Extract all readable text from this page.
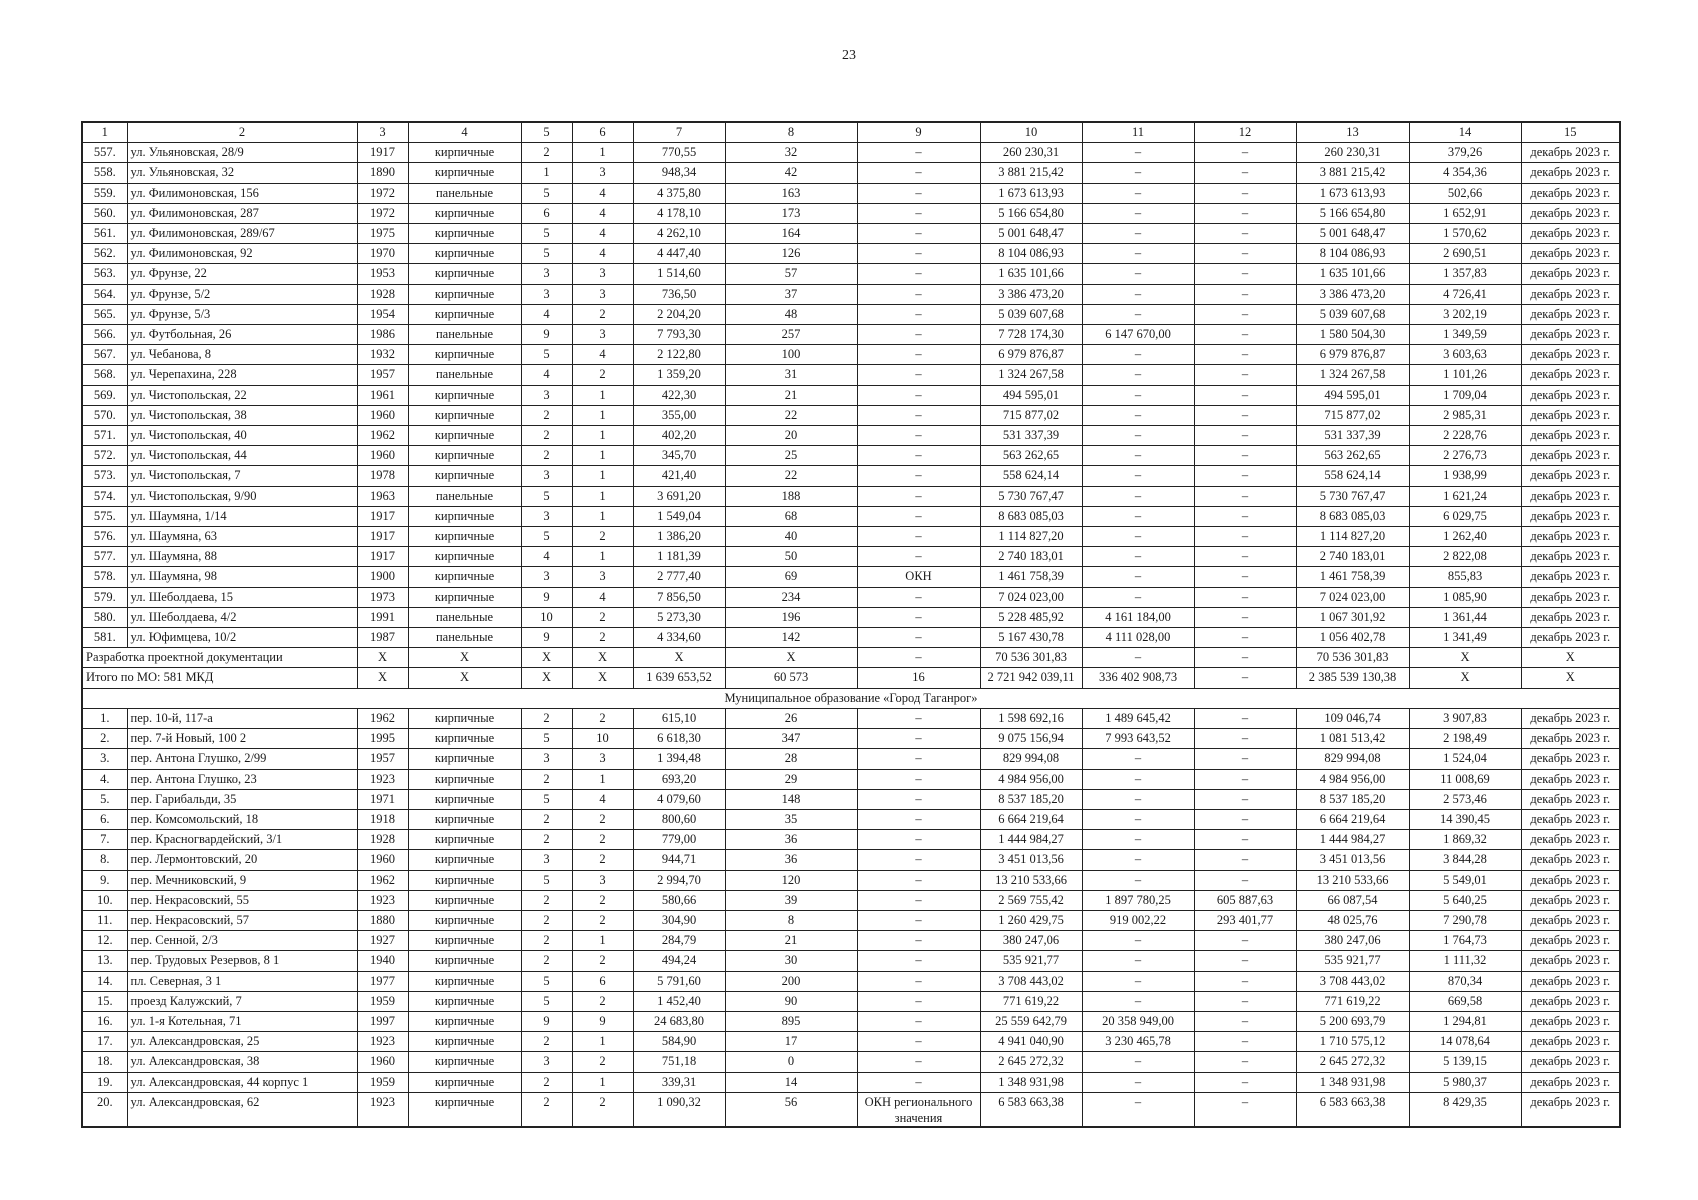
23
1	2	3	4	5	6	7	8	9	10	11	12	13	14	15
557.	ул. Ульяновская, 28/9	1917	кирпичные	2	1	770,55	32	–	260 230,31	–	–	260 230,31	379,26	декабрь 2023 г.
558.	ул. Ульяновская, 32	1890	кирпичные	1	3	948,34	42	–	3 881 215,42	–	–	3 881 215,42	4 354,36	декабрь 2023 г.
559.	ул. Филимоновская, 156	1972	панельные	5	4	4 375,80	163	–	1 673 613,93	–	–	1 673 613,93	502,66	декабрь 2023 г.
560.	ул. Филимоновская, 287	1972	кирпичные	6	4	4 178,10	173	–	5 166 654,80	–	–	5 166 654,80	1 652,91	декабрь 2023 г.
561.	ул. Филимоновская, 289/67	1975	кирпичные	5	4	4 262,10	164	–	5 001 648,47	–	–	5 001 648,47	1 570,62	декабрь 2023 г.
562.	ул. Филимоновская, 92	1970	кирпичные	5	4	4 447,40	126	–	8 104 086,93	–	–	8 104 086,93	2 690,51	декабрь 2023 г.
563.	ул. Фрунзе, 22	1953	кирпичные	3	3	1 514,60	57	–	1 635 101,66	–	–	1 635 101,66	1 357,83	декабрь 2023 г.
564.	ул. Фрунзе, 5/2	1928	кирпичные	3	3	736,50	37	–	3 386 473,20	–	–	3 386 473,20	4 726,41	декабрь 2023 г.
565.	ул. Фрунзе, 5/3	1954	кирпичные	4	2	2 204,20	48	–	5 039 607,68	–	–	5 039 607,68	3 202,19	декабрь 2023 г.
566.	ул. Футбольная, 26	1986	панельные	9	3	7 793,30	257	–	7 728 174,30	6 147 670,00	–	1 580 504,30	1 349,59	декабрь 2023 г.
567.	ул. Чебанова, 8	1932	кирпичные	5	4	2 122,80	100	–	6 979 876,87	–	–	6 979 876,87	3 603,63	декабрь 2023 г.
568.	ул. Черепахина, 228	1957	панельные	4	2	1 359,20	31	–	1 324 267,58	–	–	1 324 267,58	1 101,26	декабрь 2023 г.
569.	ул. Чистопольская, 22	1961	кирпичные	3	1	422,30	21	–	494 595,01	–	–	494 595,01	1 709,04	декабрь 2023 г.
570.	ул. Чистопольская, 38	1960	кирпичные	2	1	355,00	22	–	715 877,02	–	–	715 877,02	2 985,31	декабрь 2023 г.
571.	ул. Чистопольская, 40	1962	кирпичные	2	1	402,20	20	–	531 337,39	–	–	531 337,39	2 228,76	декабрь 2023 г.
572.	ул. Чистопольская, 44	1960	кирпичные	2	1	345,70	25	–	563 262,65	–	–	563 262,65	2 276,73	декабрь 2023 г.
573.	ул. Чистопольская, 7	1978	кирпичные	3	1	421,40	22	–	558 624,14	–	–	558 624,14	1 938,99	декабрь 2023 г.
574.	ул. Чистопольская, 9/90	1963	панельные	5	1	3 691,20	188	–	5 730 767,47	–	–	5 730 767,47	1 621,24	декабрь 2023 г.
575.	ул. Шаумяна, 1/14	1917	кирпичные	3	1	1 549,04	68	–	8 683 085,03	–	–	8 683 085,03	6 029,75	декабрь 2023 г.
576.	ул. Шаумяна, 63	1917	кирпичные	5	2	1 386,20	40	–	1 114 827,20	–	–	1 114 827,20	1 262,40	декабрь 2023 г.
577.	ул. Шаумяна, 88	1917	кирпичные	4	1	1 181,39	50	–	2 740 183,01	–	–	2 740 183,01	2 822,08	декабрь 2023 г.
578.	ул. Шаумяна, 98	1900	кирпичные	3	3	2 777,40	69	ОКН	1 461 758,39	–	–	1 461 758,39	855,83	декабрь 2023 г.
579.	ул. Шеболдаева, 15	1973	кирпичные	9	4	7 856,50	234	–	7 024 023,00	–	–	7 024 023,00	1 085,90	декабрь 2023 г.
580.	ул. Шеболдаева, 4/2	1991	панельные	10	2	5 273,30	196	–	5 228 485,92	4 161 184,00	–	1 067 301,92	1 361,44	декабрь 2023 г.
581.	ул. Юфимцева, 10/2	1987	панельные	9	2	4 334,60	142	–	5 167 430,78	4 111 028,00	–	1 056 402,78	1 341,49	декабрь 2023 г.
Разработка проектной документации		X	X	X	X	X	X	–	70 536 301,83	–	–	70 536 301,83	X	X
Итого по МО: 581 МКД		X	X	X	X	1 639 653,52	60 573	16	2 721 942 039,11	336 402 908,73	–	2 385 539 130,38	X	X
Муниципальное образование «Город Таганрог»														
1.	пер. 10-й, 117-а	1962	кирпичные	2	2	615,10	26	–	1 598 692,16	1 489 645,42	–	109 046,74	3 907,83	декабрь 2023 г.
2.	пер. 7-й Новый, 100 2	1995	кирпичные	5	10	6 618,30	347	–	9 075 156,94	7 993 643,52	–	1 081 513,42	2 198,49	декабрь 2023 г.
3.	пер. Антона Глушко, 2/99	1957	кирпичные	3	3	1 394,48	28	–	829 994,08	–	–	829 994,08	1 524,04	декабрь 2023 г.
4.	пер. Антона Глушко, 23	1923	кирпичные	2	1	693,20	29	–	4 984 956,00	–	–	4 984 956,00	11 008,69	декабрь 2023 г.
5.	пер. Гарибальди, 35	1971	кирпичные	5	4	4 079,60	148	–	8 537 185,20	–	–	8 537 185,20	2 573,46	декабрь 2023 г.
6.	пер. Комсомольский, 18	1918	кирпичные	2	2	800,60	35	–	6 664 219,64	–	–	6 664 219,64	14 390,45	декабрь 2023 г.
7.	пер. Красногвардейский, 3/1	1928	кирпичные	2	2	779,00	36	–	1 444 984,27	–	–	1 444 984,27	1 869,32	декабрь 2023 г.
8.	пер. Лермонтовский, 20	1960	кирпичные	3	2	944,71	36	–	3 451 013,56	–	–	3 451 013,56	3 844,28	декабрь 2023 г.
9.	пер. Мечниковский, 9	1962	кирпичные	5	3	2 994,70	120	–	13 210 533,66	–	–	13 210 533,66	5 549,01	декабрь 2023 г.
10.	пер. Некрасовский, 55	1923	кирпичные	2	2	580,66	39	–	2 569 755,42	1 897 780,25	605 887,63	66 087,54	5 640,25	декабрь 2023 г.
11.	пер. Некрасовский, 57	1880	кирпичные	2	2	304,90	8	–	1 260 429,75	919 002,22	293 401,77	48 025,76	7 290,78	декабрь 2023 г.
12.	пер. Сенной, 2/3	1927	кирпичные	2	1	284,79	21	–	380 247,06	–	–	380 247,06	1 764,73	декабрь 2023 г.
13.	пер. Трудовых Резервов, 8 1	1940	кирпичные	2	2	494,24	30	–	535 921,77	–	–	535 921,77	1 111,32	декабрь 2023 г.
14.	пл. Северная, 3 1	1977	кирпичные	5	6	5 791,60	200	–	3 708 443,02	–	–	3 708 443,02	870,34	декабрь 2023 г.
15.	проезд Калужский, 7	1959	кирпичные	5	2	1 452,40	90	–	771 619,22	–	–	771 619,22	669,58	декабрь 2023 г.
16.	ул. 1-я Котельная, 71	1997	кирпичные	9	9	24 683,80	895	–	25 559 642,79	20 358 949,00	–	5 200 693,79	1 294,81	декабрь 2023 г.
17.	ул. Александровская, 25	1923	кирпичные	2	1	584,90	17	–	4 941 040,90	3 230 465,78	–	1 710 575,12	14 078,64	декабрь 2023 г.
18.	ул. Александровская, 38	1960	кирпичные	3	2	751,18	0	–	2 645 272,32	–	–	2 645 272,32	5 139,15	декабрь 2023 г.
19.	ул. Александровская, 44 корпус 1	1959	кирпичные	2	1	339,31	14	–	1 348 931,98	–	–	1 348 931,98	5 980,37	декабрь 2023 г.
20.	ул. Александровская, 62	1923	кирпичные	2	2	1 090,32	56	ОКН регионального значения	6 583 663,38	–	–	6 583 663,38	8 429,35	декабрь 2023 г.
